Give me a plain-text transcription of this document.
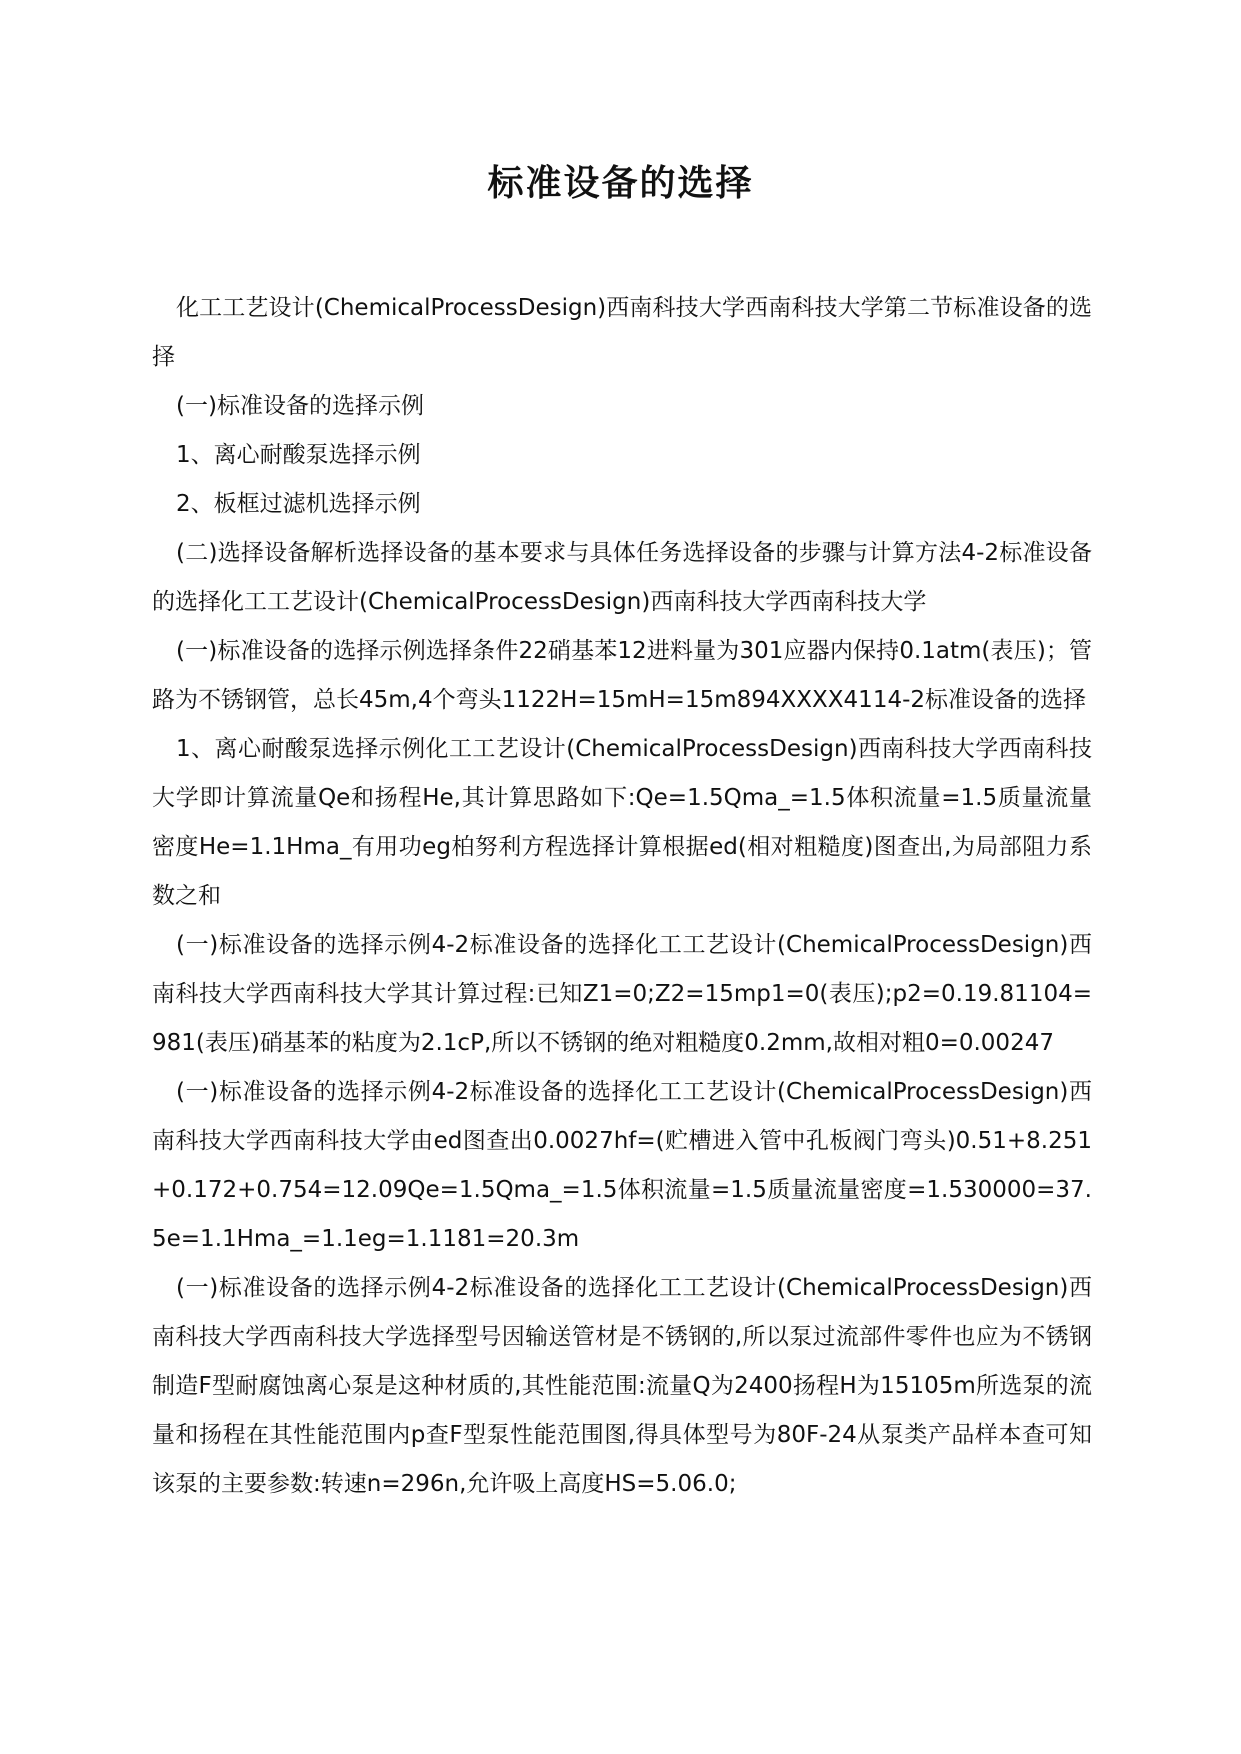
标准设备的选择

化工工艺设计(ChemicalProcessDesign)西南科技大学西南科技大学第二节标准设备的选择

(一)标准设备的选择示例

1、离心耐酸泵选择示例

2、板框过滤机选择示例

(二)选择设备解析选择设备的基本要求与具体任务选择设备的步骤与计算方法4-2标准设备的选择化工工艺设计(ChemicalProcessDesign)西南科技大学西南科技大学

(一)标准设备的选择示例选择条件22硝基苯12进料量为301应器内保持0.1atm(表压)；管路为不锈钢管，总长45m,4个弯头1122H=15mH=15m894XXXX4114-2标准设备的选择

1、离心耐酸泵选择示例化工工艺设计(ChemicalProcessDesign)西南科技大学西南科技大学即计算流量Qe和扬程He,其计算思路如下:Qe=1.5Qma_=1.5体积流量=1.5质量流量密度He=1.1Hma_有用功eg柏努利方程选择计算根据ed(相对粗糙度)图查出,为局部阻力系数之和

(一)标准设备的选择示例4-2标准设备的选择化工工艺设计(ChemicalProcessDesign)西南科技大学西南科技大学其计算过程:已知Z1=0;Z2=15mp1=0(表压);p2=0.19.81104=981(表压)硝基苯的粘度为2.1cP,所以不锈钢的绝对粗糙度0.2mm,故相对粗0=0.00247

(一)标准设备的选择示例4-2标准设备的选择化工工艺设计(ChemicalProcessDesign)西南科技大学西南科技大学由ed图查出0.0027hf=(贮槽进入管中孔板阀门弯头)0.51+8.251+0.172+0.754=12.09Qe=1.5Qma_=1.5体积流量=1.5质量流量密度=1.530000=37.5e=1.1Hma_=1.1eg=1.1181=20.3m

(一)标准设备的选择示例4-2标准设备的选择化工工艺设计(ChemicalProcessDesign)西南科技大学西南科技大学选择型号因输送管材是不锈钢的,所以泵过流部件零件也应为不锈钢制造F型耐腐蚀离心泵是这种材质的,其性能范围:流量Q为2400扬程H为15105m所选泵的流量和扬程在其性能范围内p查F型泵性能范围图,得具体型号为80F-24从泵类产品样本查可知该泵的主要参数:转速n=296n,允许吸上高度HS=5.06.0;
